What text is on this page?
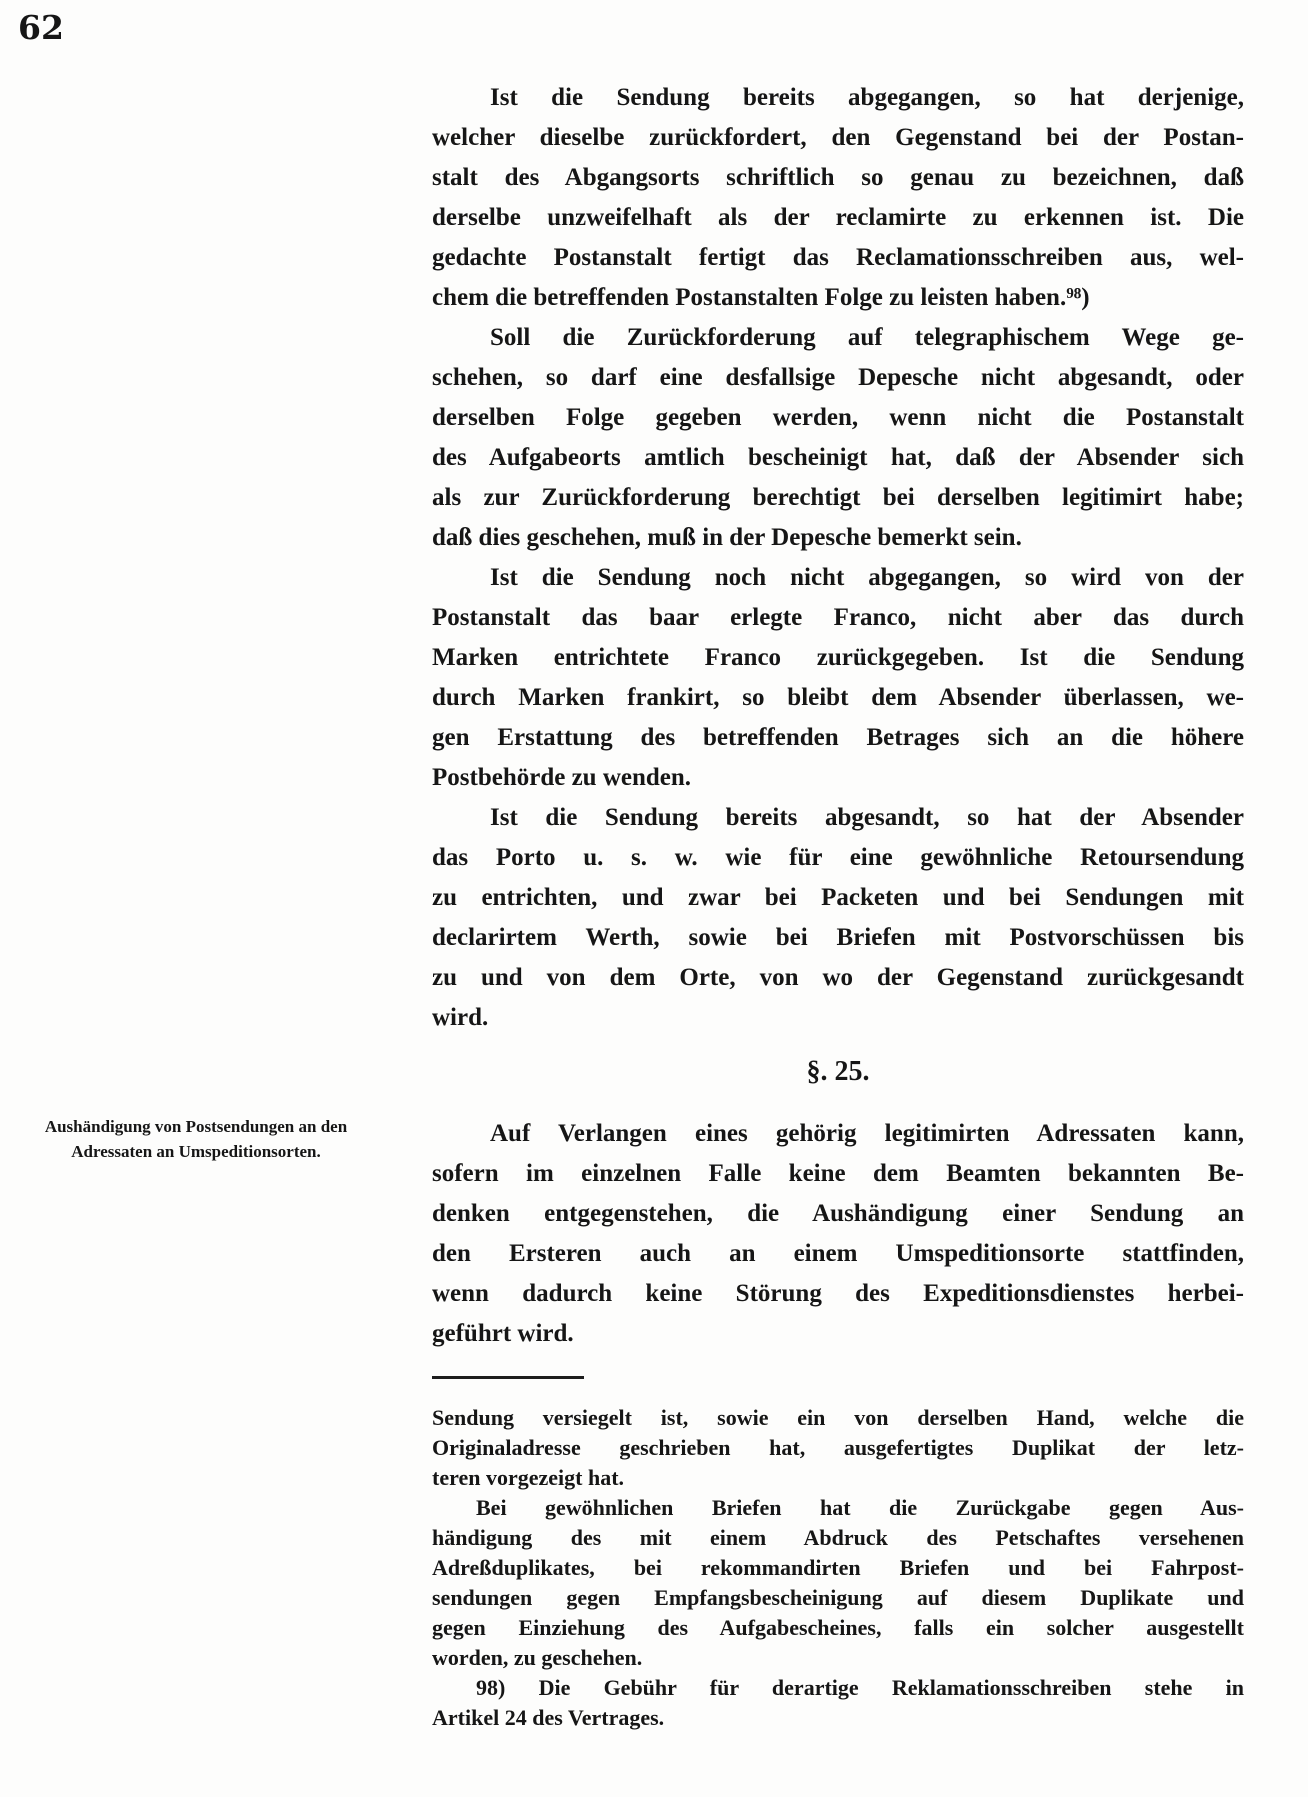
62
Aushändigung von Postsendungen an den
Adressaten an Umspeditionsorten.
Ist die Sendung bereits abgegangen, so hat derjenige,
welcher dieselbe zurückfordert, den Gegenstand bei der Postan-
stalt des Abgangsorts schriftlich so genau zu bezeichnen, daß
derselbe unzweifelhaft als der reclamirte zu erkennen ist. Die
gedachte Postanstalt fertigt das Reclamationsschreiben aus, wel-
chem die betreffenden Postanstalten Folge zu leisten haben.⁹⁸)
Soll die Zurückforderung auf telegraphischem Wege ge-
schehen, so darf eine desfallsige Depesche nicht abgesandt, oder
derselben Folge gegeben werden, wenn nicht die Postanstalt
des Aufgabeorts amtlich bescheinigt hat, daß der Absender sich
als zur Zurückforderung berechtigt bei derselben legitimirt habe;
daß dies geschehen, muß in der Depesche bemerkt sein.
Ist die Sendung noch nicht abgegangen, so wird von der
Postanstalt das baar erlegte Franco, nicht aber das durch
Marken entrichtete Franco zurückgegeben. Ist die Sendung
durch Marken frankirt, so bleibt dem Absender überlassen, we-
gen Erstattung des betreffenden Betrages sich an die höhere
Postbehörde zu wenden.
Ist die Sendung bereits abgesandt, so hat der Absender
das Porto u. s. w. wie für eine gewöhnliche Retoursendung
zu entrichten, und zwar bei Packeten und bei Sendungen mit
declarirtem Werth, sowie bei Briefen mit Postvorschüssen bis
zu und von dem Orte, von wo der Gegenstand zurückgesandt
wird.
§. 25.
Auf Verlangen eines gehörig legitimirten Adressaten kann,
sofern im einzelnen Falle keine dem Beamten bekannten Be-
denken entgegenstehen, die Aushändigung einer Sendung an
den Ersteren auch an einem Umspeditionsorte stattfinden,
wenn dadurch keine Störung des Expeditionsdienstes herbei-
geführt wird.
Sendung versiegelt ist, sowie ein von derselben Hand, welche die
Originaladresse geschrieben hat, ausgefertigtes Duplikat der letz-
teren vorgezeigt hat.
Bei gewöhnlichen Briefen hat die Zurückgabe gegen Aus-
händigung des mit einem Abdruck des Petschaftes versehenen
Adreßduplikates, bei rekommandirten Briefen und bei Fahrpost-
sendungen gegen Empfangsbescheinigung auf diesem Duplikate und
gegen Einziehung des Aufgabescheines, falls ein solcher ausgestellt
worden, zu geschehen.
98) Die Gebühr für derartige Reklamationsschreiben stehe in
Artikel 24 des Vertrages.
